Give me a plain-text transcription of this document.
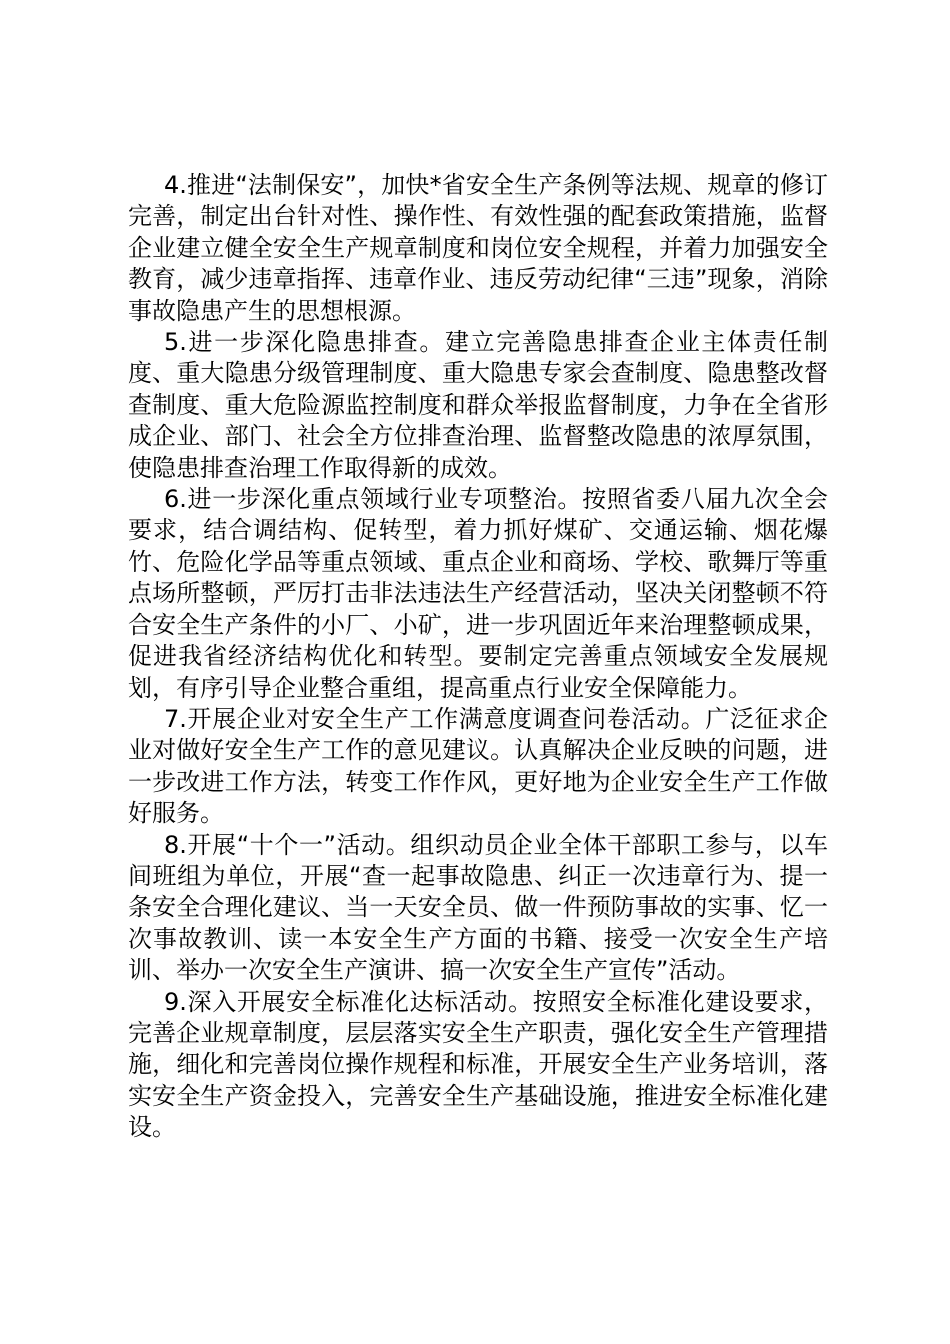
4.推进“法制保安”，加快*省安全生产条例等法规、规章的修订完善，制定出台针对性、操作性、有效性强的配套政策措施，监督企业建立健全安全生产规章制度和岗位安全规程，并着力加强安全教育，减少违章指挥、违章作业、违反劳动纪律“三违”现象，消除事故隐患产生的思想根源。

5.进一步深化隐患排查。建立完善隐患排查企业主体责任制度、重大隐患分级管理制度、重大隐患专家会查制度、隐患整改督查制度、重大危险源监控制度和群众举报监督制度，力争在全省形成企业、部门、社会全方位排查治理、监督整改隐患的浓厚氛围，使隐患排查治理工作取得新的成效。

6.进一步深化重点领域行业专项整治。按照省委八届九次全会要求，结合调结构、促转型，着力抓好煤矿、交通运输、烟花爆竹、危险化学品等重点领域、重点企业和商场、学校、歌舞厅等重点场所整顿，严厉打击非法违法生产经营活动，坚决关闭整顿不符合安全生产条件的小厂、小矿，进一步巩固近年来治理整顿成果，促进我省经济结构优化和转型。要制定完善重点领域安全发展规划，有序引导企业整合重组，提高重点行业安全保障能力。

7.开展企业对安全生产工作满意度调查问卷活动。广泛征求企业对做好安全生产工作的意见建议。认真解决企业反映的问题，进一步改进工作方法，转变工作作风，更好地为企业安全生产工作做好服务。

8.开展“十个一”活动。组织动员企业全体干部职工参与，以车间班组为单位，开展“查一起事故隐患、纠正一次违章行为、提一条安全合理化建议、当一天安全员、做一件预防事故的实事、忆一次事故教训、读一本安全生产方面的书籍、接受一次安全生产培训、举办一次安全生产演讲、搞一次安全生产宣传”活动。

9.深入开展安全标准化达标活动。按照安全标准化建设要求，完善企业规章制度，层层落实安全生产职责，强化安全生产管理措施，细化和完善岗位操作规程和标准，开展安全生产业务培训，落实安全生产资金投入，完善安全生产基础设施，推进安全标准化建设。
